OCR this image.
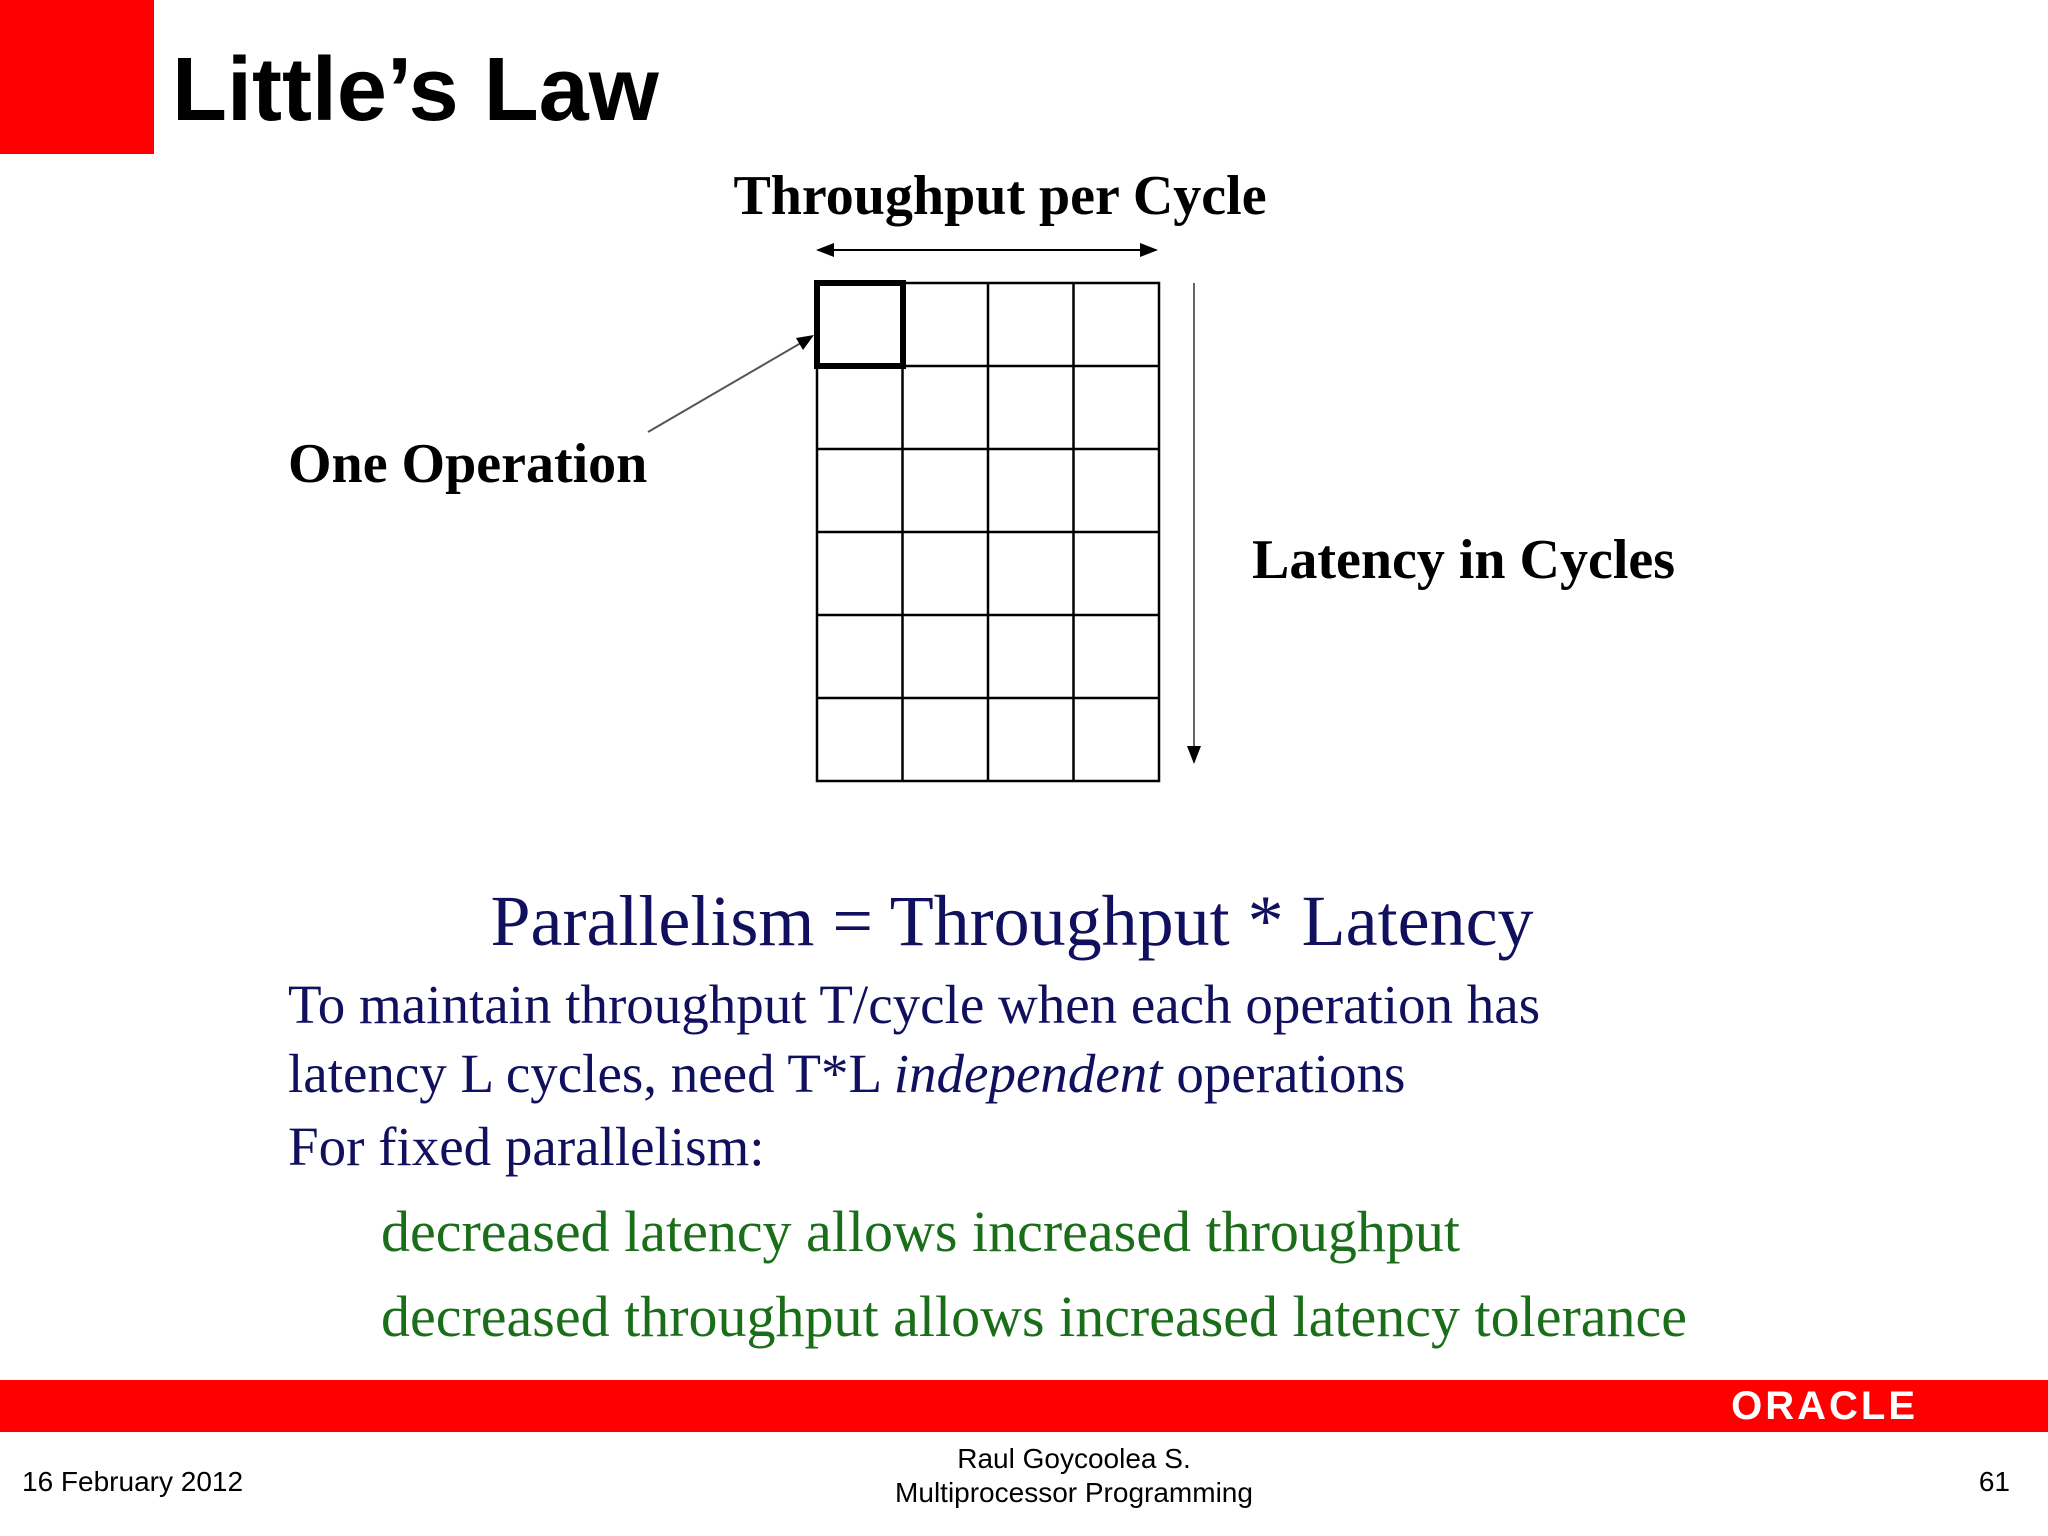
Little’s Law
Throughput per Cycle
One Operation
Latency in Cycles
Parallelism = Throughput * Latency
To maintain throughput T/cycle when each operation has
latency L cycles, need T*L independent operations
For fixed parallelism:
decreased latency allows increased throughput
decreased throughput allows increased latency tolerance
ORACLE
16 February 2012
Raul Goycoolea S.
Multiprocessor Programming	61
